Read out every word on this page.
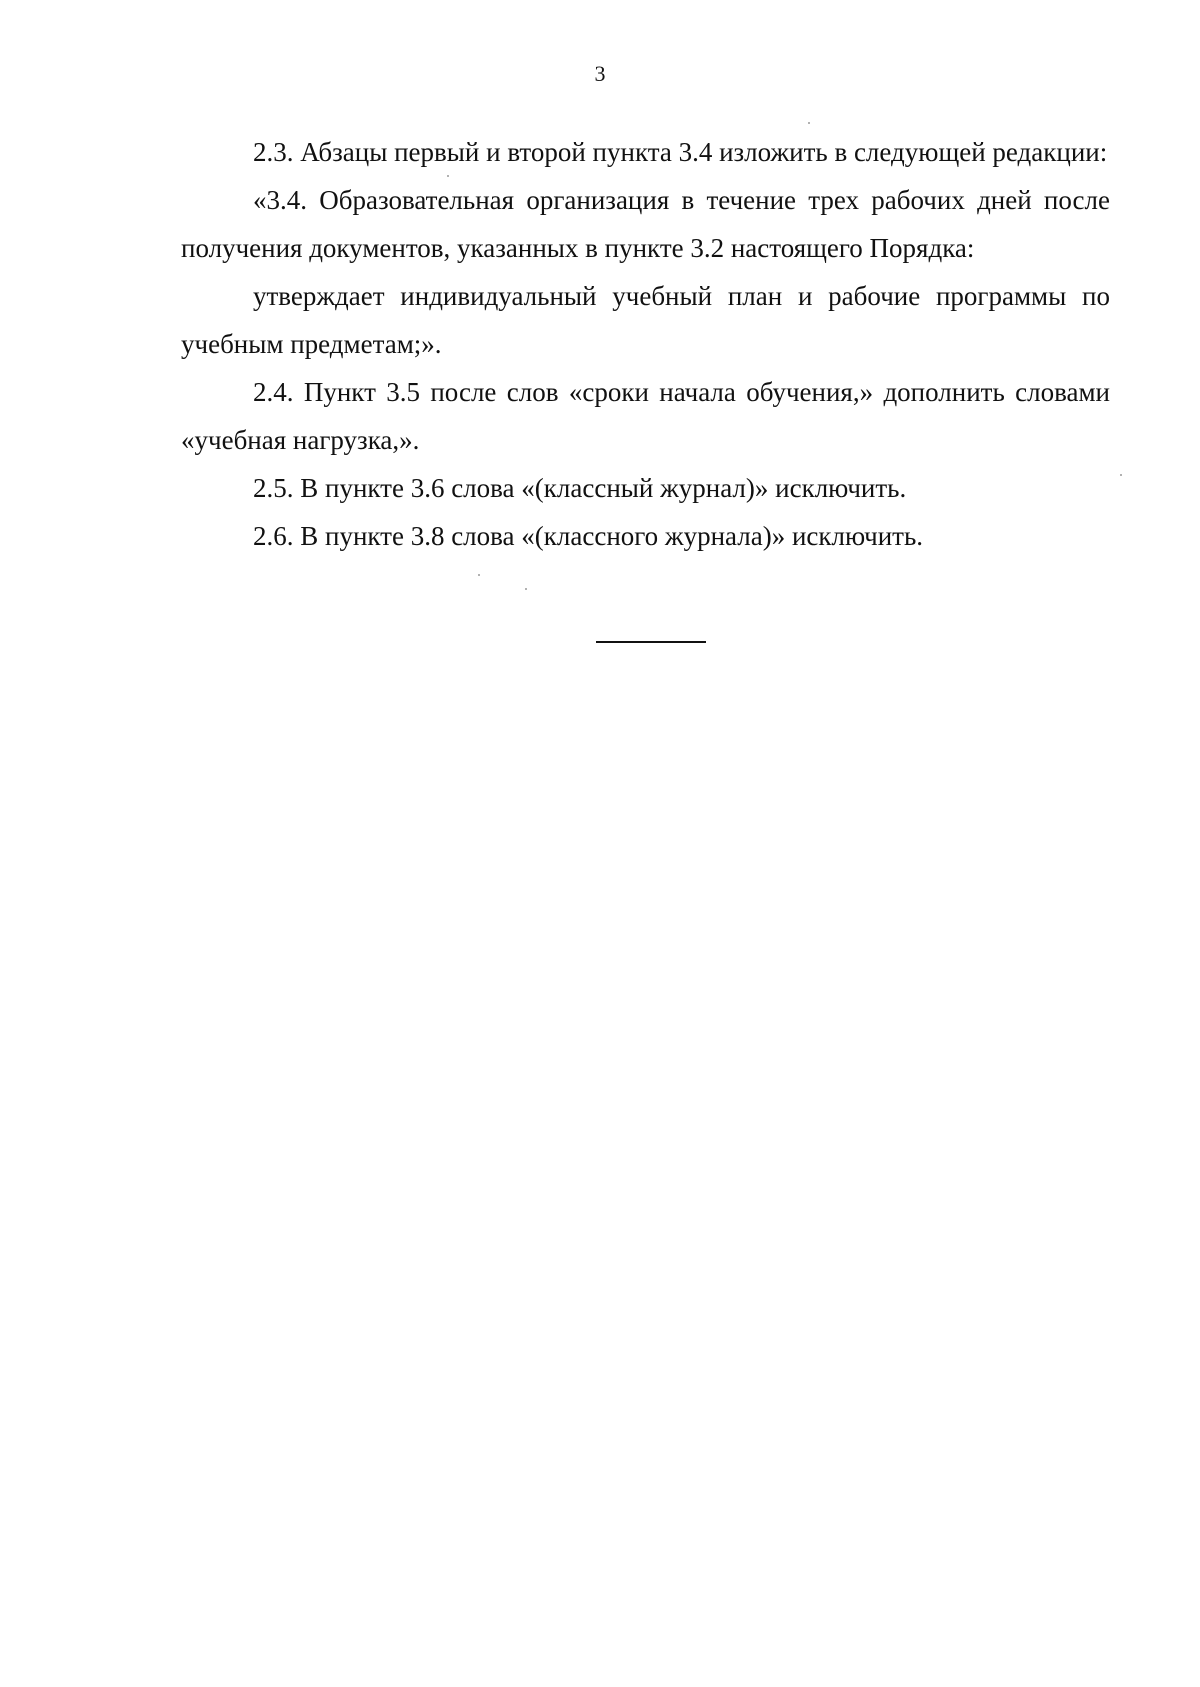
3

2.3. Абзацы первый и второй пункта 3.4 изложить в следующей редакции:

«3.4. Образовательная организация в течение трех рабочих дней после получения документов, указанных в пункте 3.2 настоящего Порядка:

утверждает индивидуальный учебный план и рабочие программы по учебным предметам;».

2.4. Пункт 3.5 после слов «сроки начала обучения,» дополнить словами «учебная нагрузка,».

2.5. В пункте 3.6 слова «(классный журнал)» исключить.

2.6. В пункте 3.8 слова «(классного журнала)» исключить.
